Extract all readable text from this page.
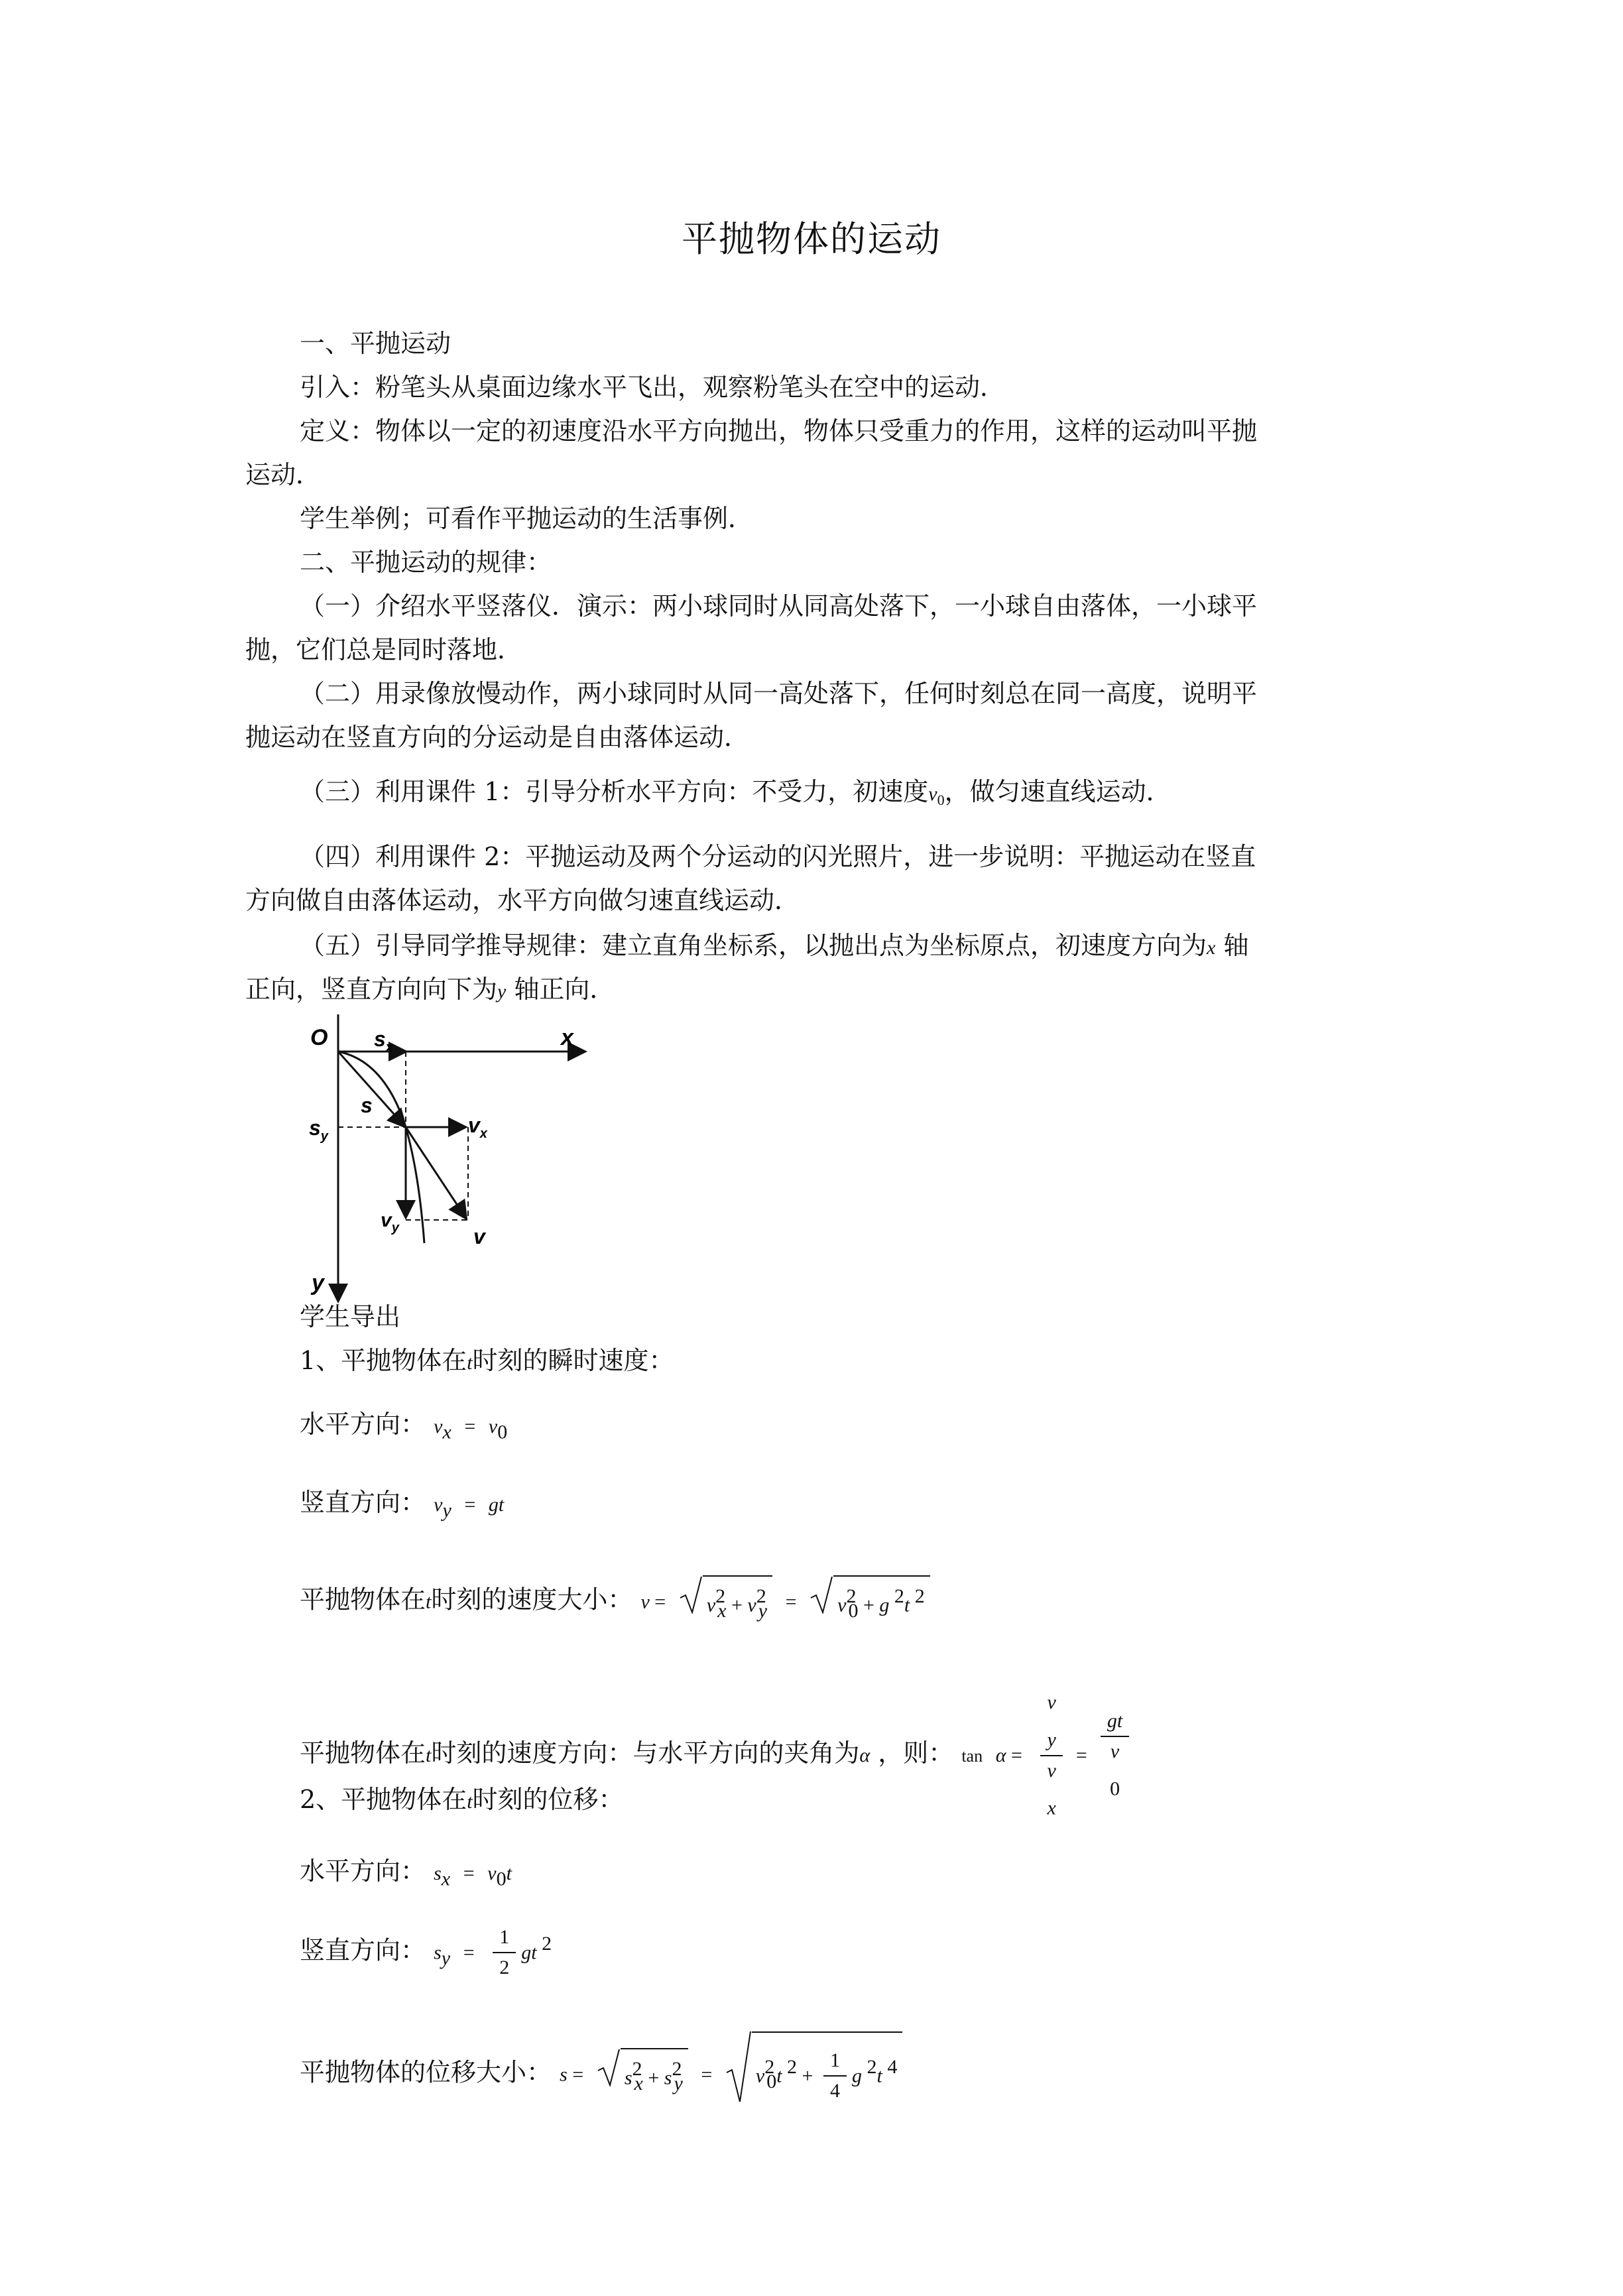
平抛物体的运动
一、平抛运动
引入：粉笔头从桌面边缘水平飞出，观察粉笔头在空中的运动．
定义：物体以一定的初速度沿水平方向抛出，物体只受重力的作用，这样的运动叫平抛
运动．
学生举例；可看作平抛运动的生活事例．
二、平抛运动的规律：
（一）介绍水平竖落仪．演示：两小球同时从同高处落下，一小球自由落体，一小球平
抛，它们总是同时落地．
（二）用录像放慢动作，两小球同时从同一高处落下，任何时刻总在同一高度，说明平
抛运动在竖直方向的分运动是自由落体运动．
（三）利用课件 1：引导分析水平方向：不受力，初速度$v_0$，做匀速直线运动．
（四）利用课件 2：平抛运动及两个分运动的闪光照片，进一步说明：平抛运动在竖直
方向做自由落体运动，水平方向做匀速直线运动．
（五）引导同学推导规律：建立直角坐标系，以抛出点为坐标原点，初速度方向为x 轴
正向，竖直方向向下为y 轴正向．
O $s_x$	x
s
$s_y$	$v_x$
$v_y$	v
y
学生导出
1、平抛物体在t时刻的瞬时速度：
水平方向： $v_x = v_0$
竖直方向： $v_y$  =  gt
平抛物体在t时刻的速度大小： v =
$v^2_x + v^2_y$  =
$v^2_0 + g$ $^2$t $^2$
平抛物体在t时刻的速度方向：与水平方向的夹角为α ，则： tan  α = v
$_y$
v
$_x$ = gt
v
$_0$
2、平抛物体在t时刻的位移：
水平方向： $s_x = v_0t$
竖直方向： $s_y = \frac{1}{2}$ gt $^2$
平抛物体的位移大小： s =
$s^2_x + s^2_y$  =
$v^2_0t$ $^2 + \frac{1}{4}$ g $^2$t $^4$
